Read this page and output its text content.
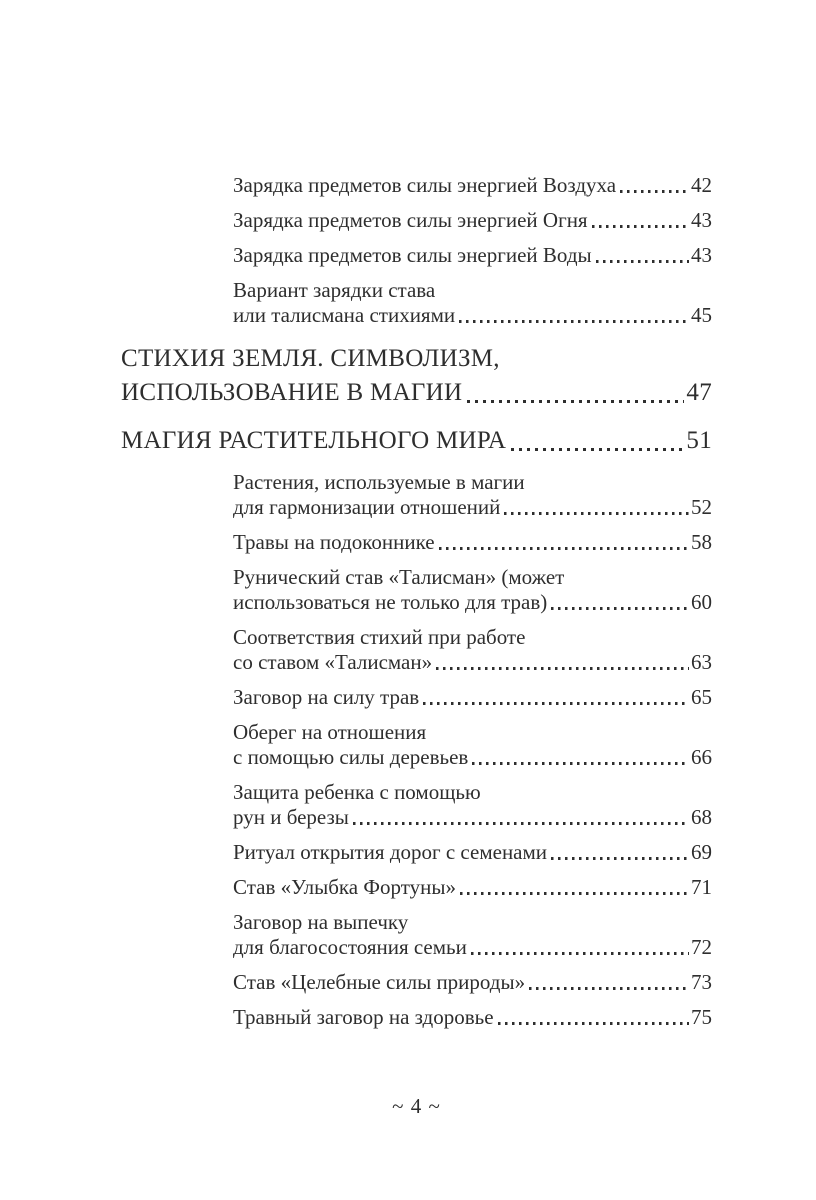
Зарядка предметов силы энергией Воздуха	42
Зарядка предметов силы энергией Огня	43
Зарядка предметов силы энергией Воды	43
Вариант зарядки става
или талисмана стихиями	45
СТИХИЯ ЗЕМЛЯ. СИМВОЛИЗМ,
ИСПОЛЬЗОВАНИЕ В МАГИИ	47
МАГИЯ РАСТИТЕЛЬНОГО МИРА	51
Растения, используемые в магии
для гармонизации отношений	52
Травы на подоконнике	58
Рунический став «Талисман» (может
использоваться не только для трав)	60
Соответствия стихий при работе
со ставом «Талисман»	63
Заговор на силу трав	65
Оберег на отношения
с помощью силы деревьев	66
Защита ребенка с помощью
рун и березы	68
Ритуал открытия дорог с семенами	69
Став «Улыбка Фортуны»	71
Заговор на выпечку
для благосостояния семьи	72
Став «Целебные силы природы»	73
Травный заговор на здоровье	75
~ 4 ~
